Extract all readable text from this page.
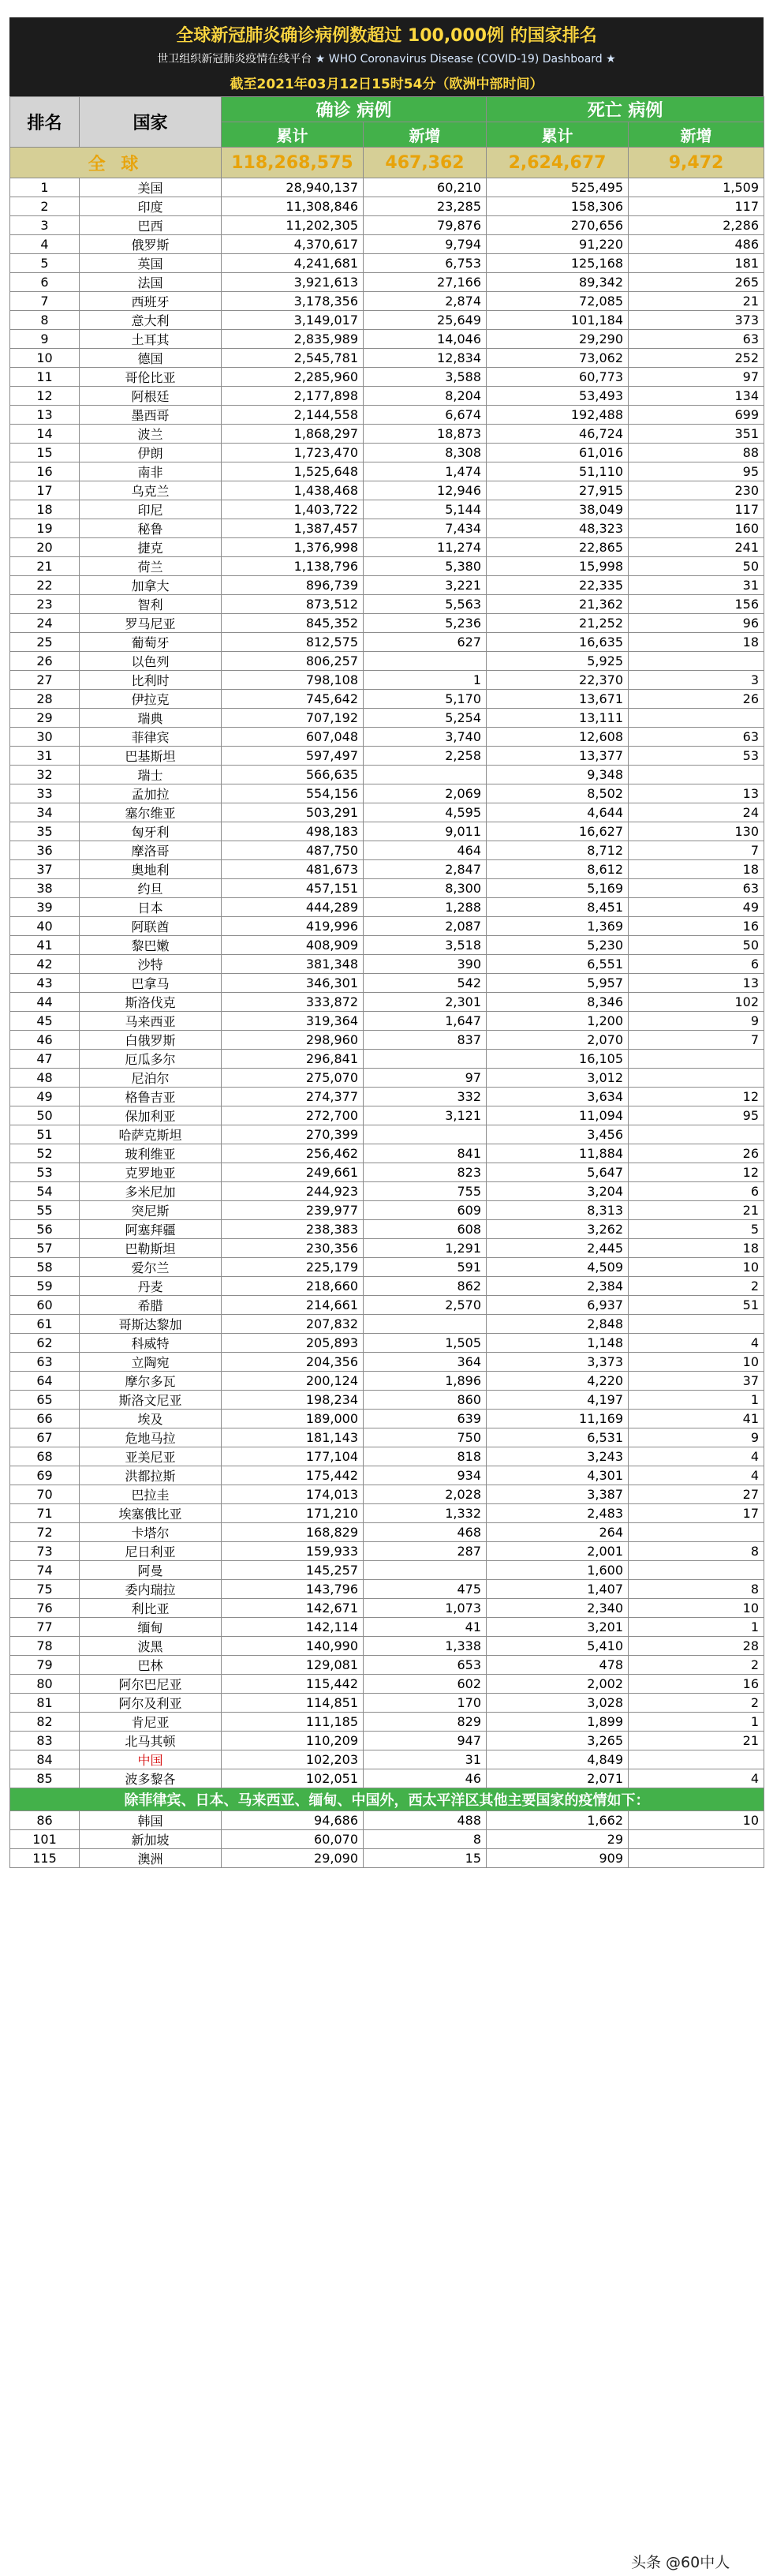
全球新冠肺炎确诊病例数超过 100,000例 的国家排名
世卫组织新冠肺炎疫情在线平台 ★ WHO Coronavirus Disease (COVID-19) Dashboard ★
截至2021年03月12日15时54分（欧洲中部时间）
排名	国家	确诊 病例		死亡 病例	
		累计	新增	累计	新增
全 球		118,268,575	467,362	2,624,677	9,472
1	美国	28,940,137	60,210	525,495	1,509
2	印度	11,308,846	23,285	158,306	117
3	巴西	11,202,305	79,876	270,656	2,286
4	俄罗斯	4,370,617	9,794	91,220	486
5	英国	4,241,681	6,753	125,168	181
6	法国	3,921,613	27,166	89,342	265
7	西班牙	3,178,356	2,874	72,085	21
8	意大利	3,149,017	25,649	101,184	373
9	土耳其	2,835,989	14,046	29,290	63
10	德国	2,545,781	12,834	73,062	252
11	哥伦比亚	2,285,960	3,588	60,773	97
12	阿根廷	2,177,898	8,204	53,493	134
13	墨西哥	2,144,558	6,674	192,488	699
14	波兰	1,868,297	18,873	46,724	351
15	伊朗	1,723,470	8,308	61,016	88
16	南非	1,525,648	1,474	51,110	95
17	乌克兰	1,438,468	12,946	27,915	230
18	印尼	1,403,722	5,144	38,049	117
19	秘鲁	1,387,457	7,434	48,323	160
20	捷克	1,376,998	11,274	22,865	241
21	荷兰	1,138,796	5,380	15,998	50
22	加拿大	896,739	3,221	22,335	31
23	智利	873,512	5,563	21,362	156
24	罗马尼亚	845,352	5,236	21,252	96
25	葡萄牙	812,575	627	16,635	18
26	以色列	806,257		5,925	
27	比利时	798,108	1	22,370	3
28	伊拉克	745,642	5,170	13,671	26
29	瑞典	707,192	5,254	13,111	
30	菲律宾	607,048	3,740	12,608	63
31	巴基斯坦	597,497	2,258	13,377	53
32	瑞士	566,635		9,348	
33	孟加拉	554,156	2,069	8,502	13
34	塞尔维亚	503,291	4,595	4,644	24
35	匈牙利	498,183	9,011	16,627	130
36	摩洛哥	487,750	464	8,712	7
37	奥地利	481,673	2,847	8,612	18
38	约旦	457,151	8,300	5,169	63
39	日本	444,289	1,288	8,451	49
40	阿联酋	419,996	2,087	1,369	16
41	黎巴嫩	408,909	3,518	5,230	50
42	沙特	381,348	390	6,551	6
43	巴拿马	346,301	542	5,957	13
44	斯洛伐克	333,872	2,301	8,346	102
45	马来西亚	319,364	1,647	1,200	9
46	白俄罗斯	298,960	837	2,070	7
47	厄瓜多尔	296,841		16,105	
48	尼泊尔	275,070	97	3,012	
49	格鲁吉亚	274,377	332	3,634	12
50	保加利亚	272,700	3,121	11,094	95
51	哈萨克斯坦	270,399		3,456	
52	玻利维亚	256,462	841	11,884	26
53	克罗地亚	249,661	823	5,647	12
54	多米尼加	244,923	755	3,204	6
55	突尼斯	239,977	609	8,313	21
56	阿塞拜疆	238,383	608	3,262	5
57	巴勒斯坦	230,356	1,291	2,445	18
58	爱尔兰	225,179	591	4,509	10
59	丹麦	218,660	862	2,384	2
60	希腊	214,661	2,570	6,937	51
61	哥斯达黎加	207,832		2,848	
62	科威特	205,893	1,505	1,148	4
63	立陶宛	204,356	364	3,373	10
64	摩尔多瓦	200,124	1,896	4,220	37
65	斯洛文尼亚	198,234	860	4,197	1
66	埃及	189,000	639	11,169	41
67	危地马拉	181,143	750	6,531	9
68	亚美尼亚	177,104	818	3,243	4
69	洪都拉斯	175,442	934	4,301	4
70	巴拉圭	174,013	2,028	3,387	27
71	埃塞俄比亚	171,210	1,332	2,483	17
72	卡塔尔	168,829	468	264	
73	尼日利亚	159,933	287	2,001	8
74	阿曼	145,257		1,600	
75	委内瑞拉	143,796	475	1,407	8
76	利比亚	142,671	1,073	2,340	10
77	缅甸	142,114	41	3,201	1
78	波黑	140,990	1,338	5,410	28
79	巴林	129,081	653	478	2
80	阿尔巴尼亚	115,442	602	2,002	16
81	阿尔及利亚	114,851	170	3,028	2
82	肯尼亚	111,185	829	1,899	1
83	北马其顿	110,209	947	3,265	21
84	中国	102,203	31	4,849	
85	波多黎各	102,051	46	2,071	4
除菲律宾、日本、马来西亚、缅甸、中国外，西太平洋区其他主要国家的疫情如下：					
86	韩国	94,686	488	1,662	10
101	新加坡	60,070	8	29	
115	澳洲	29,090	15	909	
头条 @60中人
